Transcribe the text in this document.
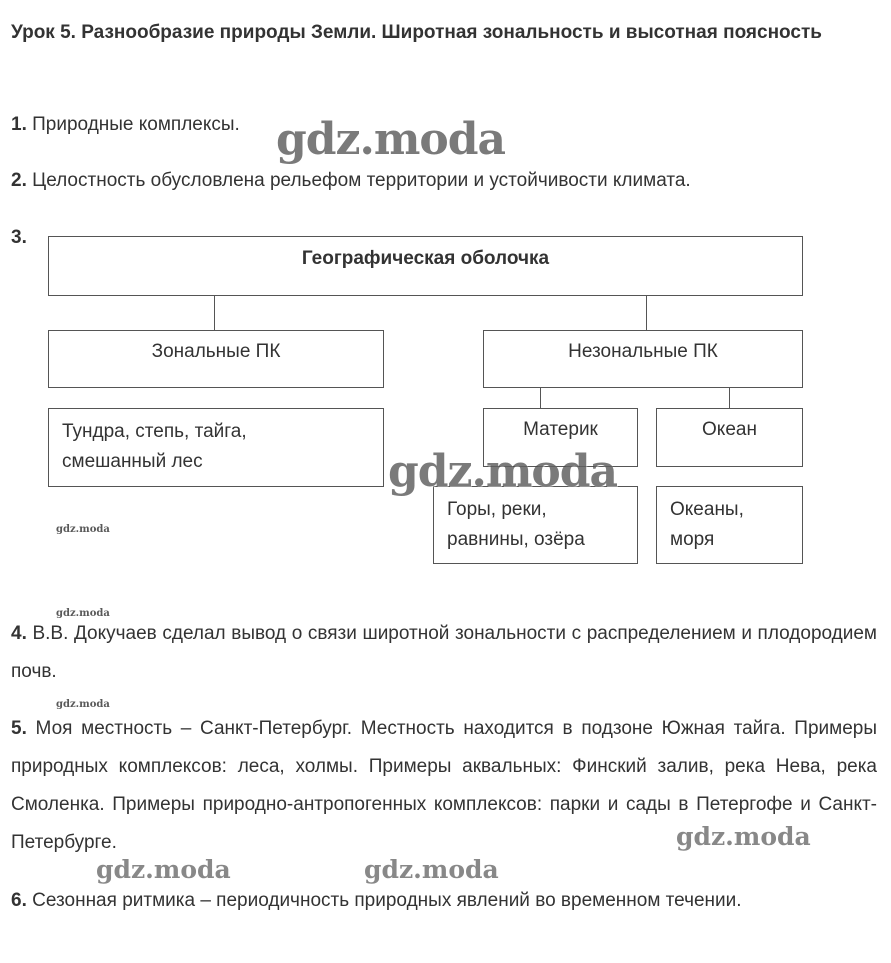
Урок 5. Разнообразие природы Земли. Широтная зональность и высотная поясность
1. Природные комплексы.
2. Целостность обусловлена рельефом территории и устойчивости климата.
3.
Географическая оболочка
Зональные ПК	Незональные ПК
Тундра, степь, тайга,
смешанный лес
Материк	Океан
Горы, реки,
равнины, озёра
Океаны,
моря
4. В.В. Докучаев сделал вывод о связи широтной зональности с распределением и плодородием почв.
5. Моя местность – Санкт-Петербург. Местность находится в подзоне Южная тайга. Примеры природных комплексов: леса, холмы. Примеры аквальных: Финский залив, река Нева, река Смоленка. Примеры природно-антропогенных комплексов: парки и сады в Петергофе и Санкт-Петербурге.
6. Сезонная ритмика – периодичность природных явлений во временном течении.
gdz.moda
gdz.moda
gdz.moda
gdz.moda	gdz.moda
gdz.moda
gdz.moda
gdz.moda
